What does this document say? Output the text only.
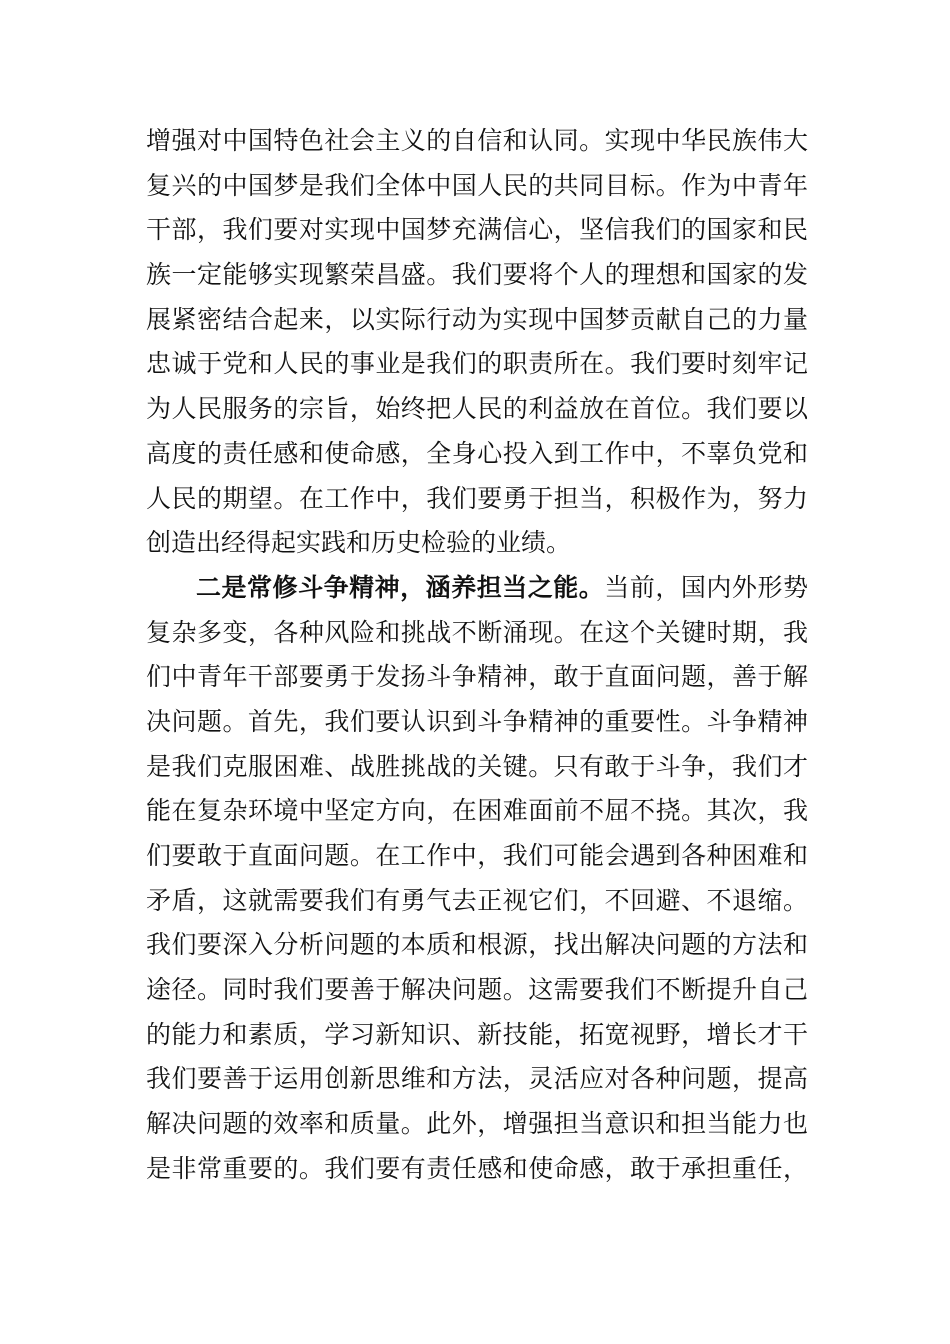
增强对中国特色社会主义的自信和认同。实现中华民族伟大
复兴的中国梦是我们全体中国人民的共同目标。作为中青年
干部，我们要对实现中国梦充满信心，坚信我们的国家和民
族一定能够实现繁荣昌盛。我们要将个人的理想和国家的发
展紧密结合起来，以实际行动为实现中国梦贡献自己的力量
忠诚于党和人民的事业是我们的职责所在。我们要时刻牢记
为人民服务的宗旨，始终把人民的利益放在首位。我们要以
高度的责任感和使命感，全身心投入到工作中，不辜负党和
人民的期望。在工作中，我们要勇于担当，积极作为，努力
创造出经得起实践和历史检验的业绩。
二是常修斗争精神，涵养担当之能。当前，国内外形势
复杂多变，各种风险和挑战不断涌现。在这个关键时期，我
们中青年干部要勇于发扬斗争精神，敢于直面问题，善于解
决问题。首先，我们要认识到斗争精神的重要性。斗争精神
是我们克服困难、战胜挑战的关键。只有敢于斗争，我们才
能在复杂环境中坚定方向，在困难面前不屈不挠。其次，我
们要敢于直面问题。在工作中，我们可能会遇到各种困难和
矛盾，这就需要我们有勇气去正视它们，不回避、不退缩。
我们要深入分析问题的本质和根源，找出解决问题的方法和
途径。同时我们要善于解决问题。这需要我们不断提升自己
的能力和素质，学习新知识、新技能，拓宽视野，增长才干
我们要善于运用创新思维和方法，灵活应对各种问题，提高
解决问题的效率和质量。此外，增强担当意识和担当能力也
是非常重要的。我们要有责任感和使命感，敢于承担重任，
